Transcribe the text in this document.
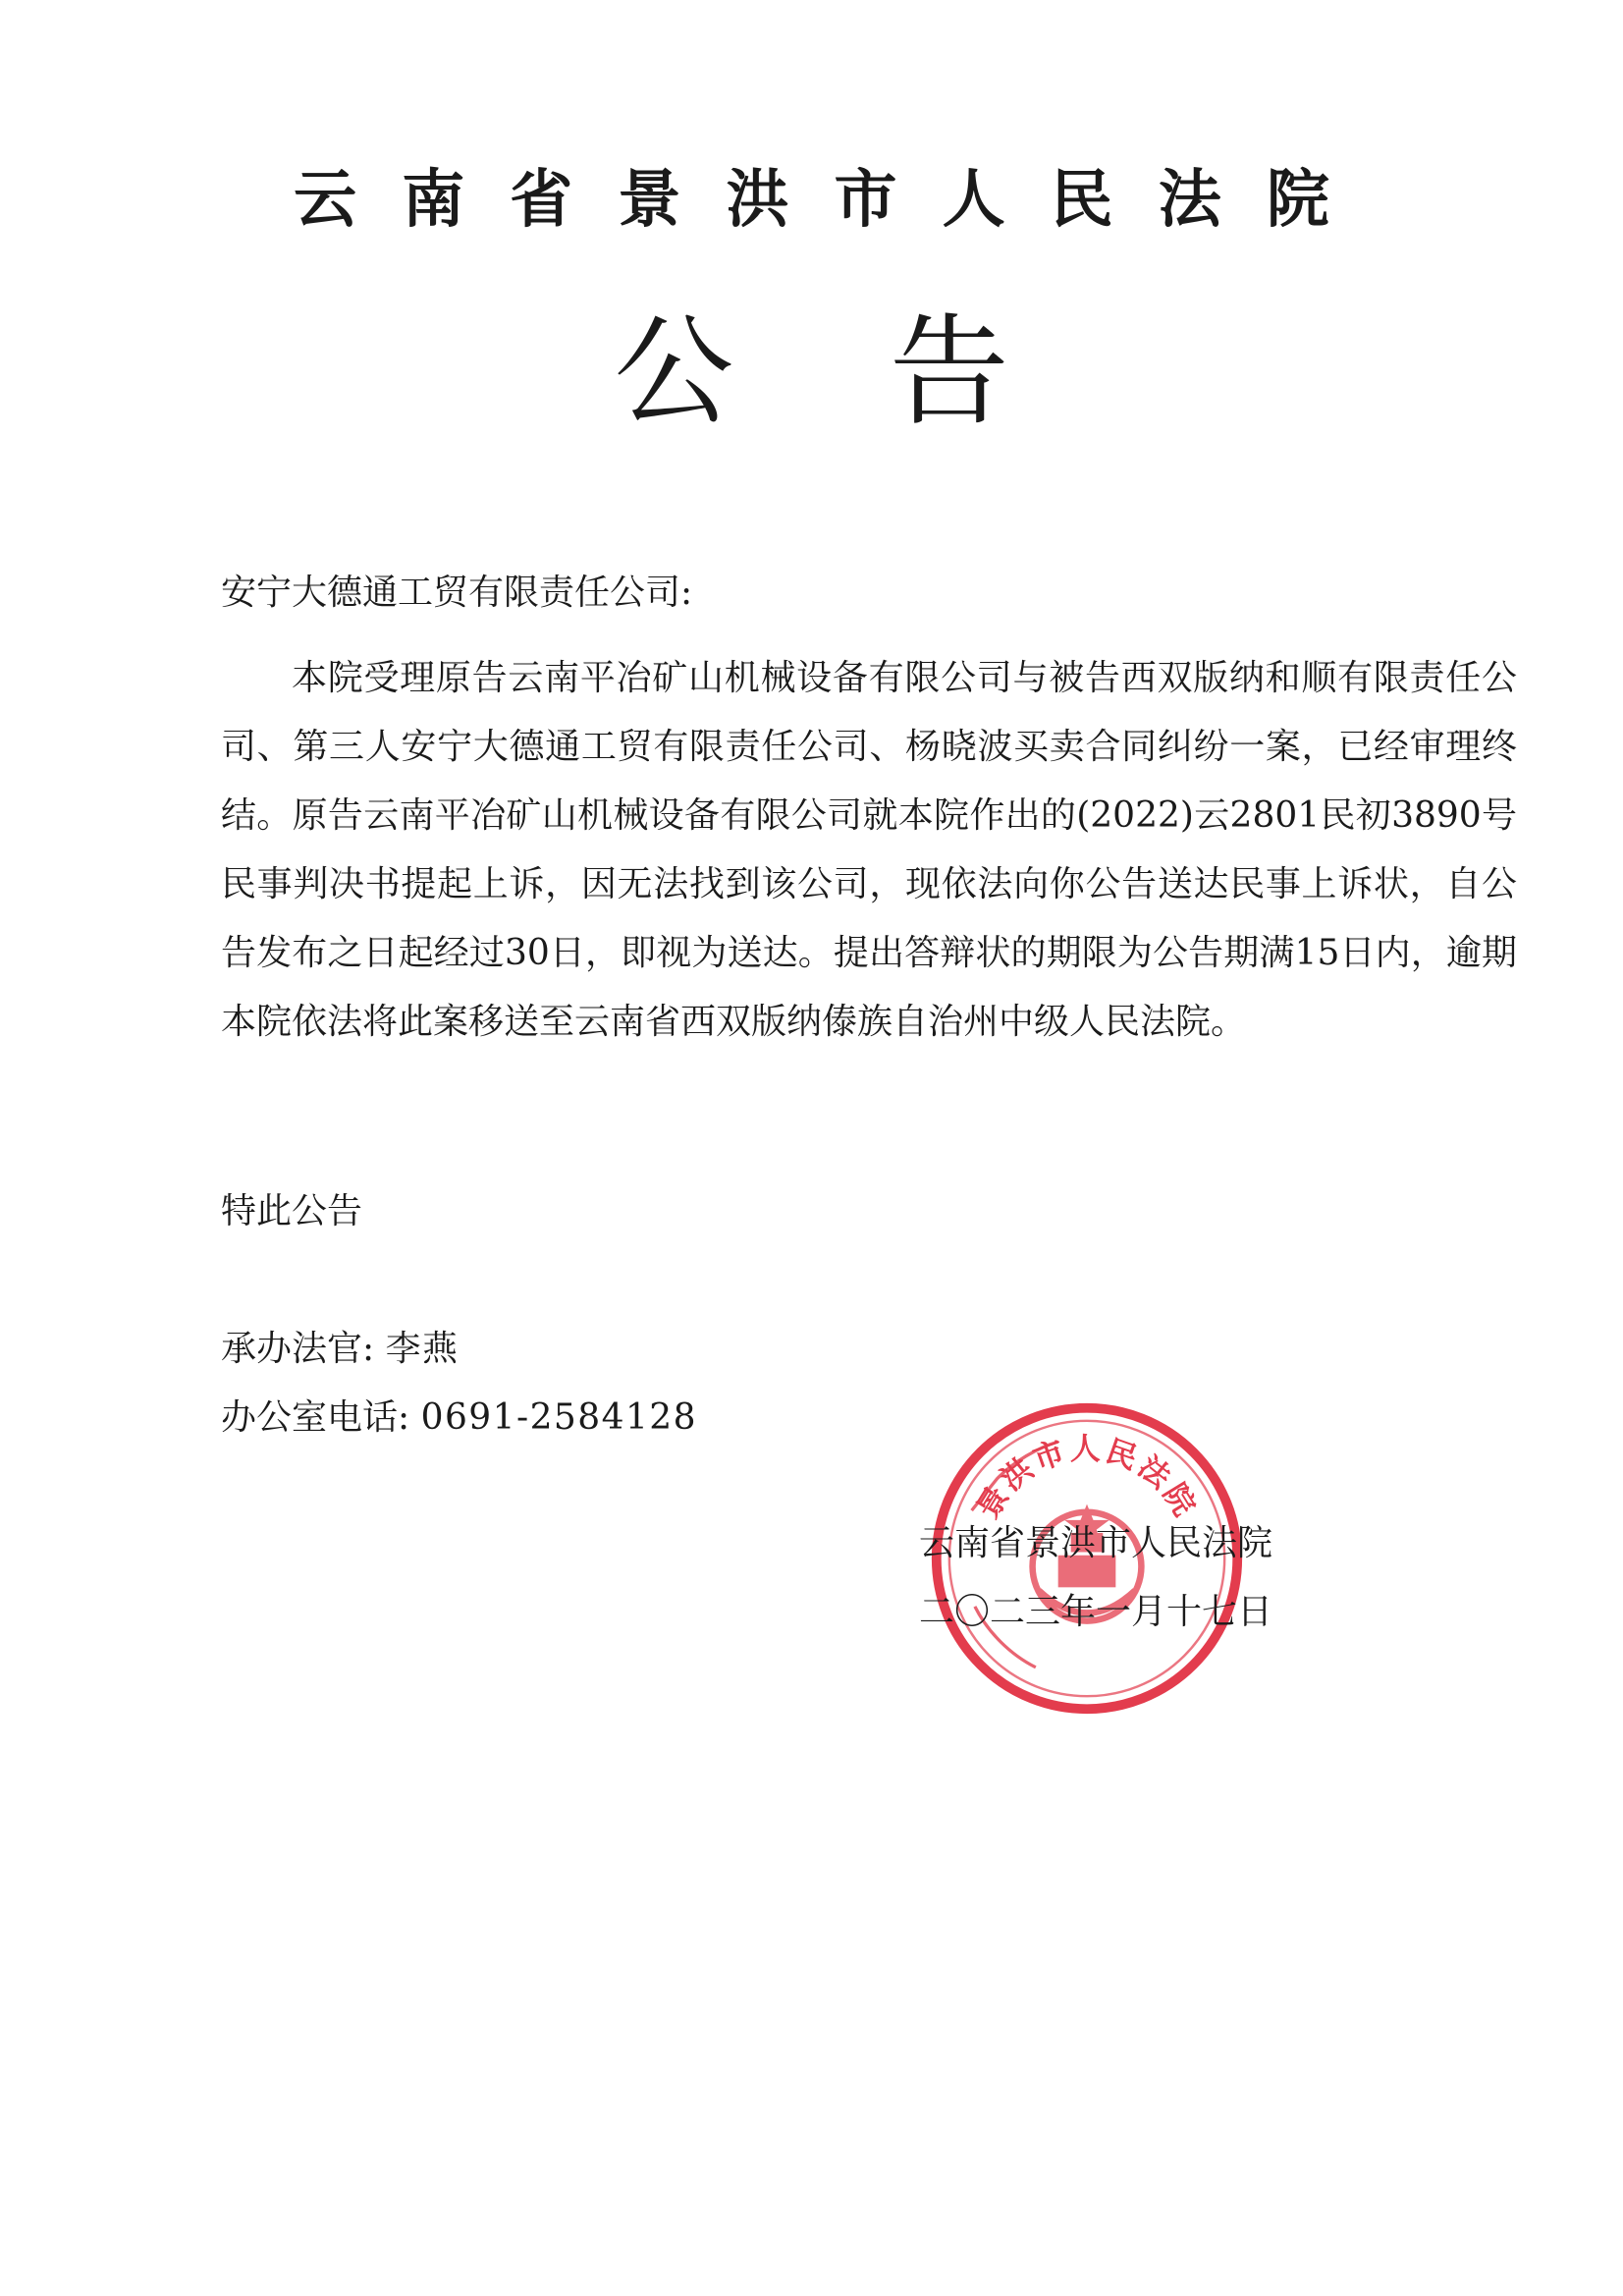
云南省景洪市人民法院
公告
安宁大德通工贸有限责任公司:

本院受理原告云南平冶矿山机械设备有限公司与被告西双版纳和顺有限责任公司、第三人安宁大德通工贸有限责任公司、杨晓波买卖合同纠纷一案，已经审理终结。原告云南平冶矿山机械设备有限公司就本院作出的(2022)云2801民初3890号民事判决书提起上诉，因无法找到该公司，现依法向你公告送达民事上诉状，自公告发布之日起经过30日，即视为送达。提出答辩状的期限为公告期满15日内，逾期本院依法将此案移送至云南省西双版纳傣族自治州中级人民法院。

特此公告
承办法官: 李燕
办公室电话: 0691-2584128
景洪市人民法院
云南省景洪市人民法院
二〇二三年一月十七日
